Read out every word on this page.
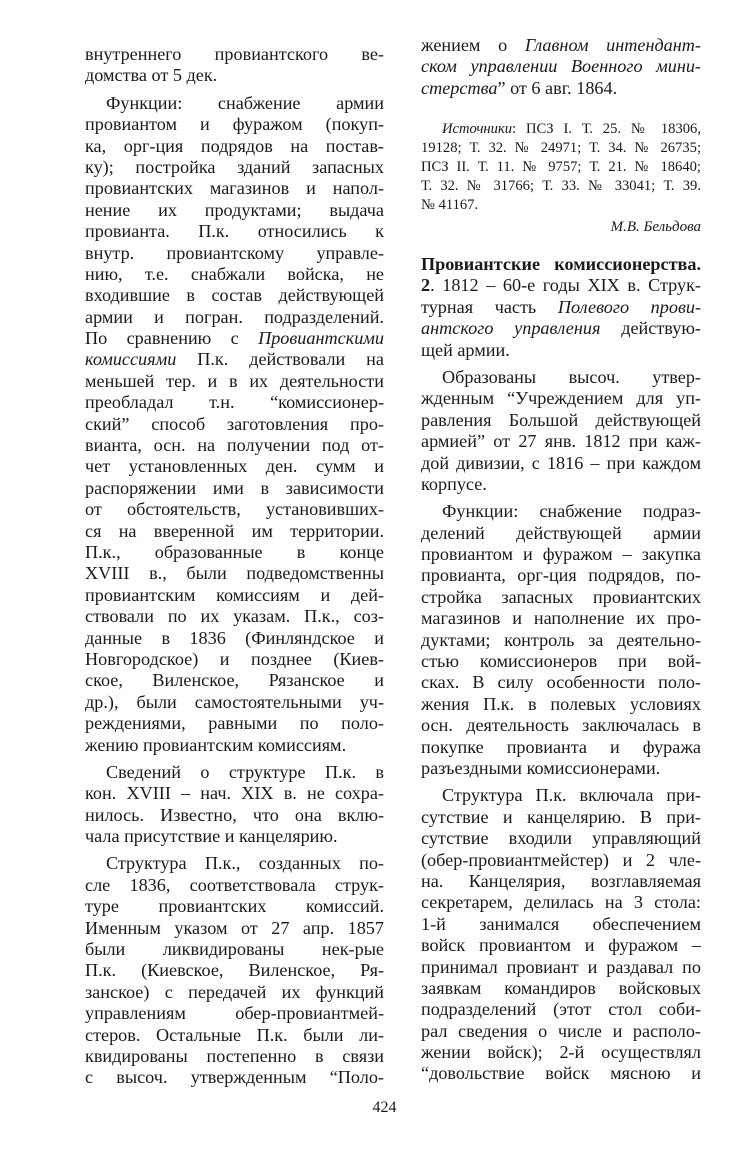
внутреннего провиантского ве-
домства от 5 дек.
Функции: снабжение армии
провиантом и фуражом (покуп-
ка, орг-ция подрядов на постав-
ку); постройка зданий запасных
провиантских магазинов и напол-
нение их продуктами; выдача
провианта. П.к. относились к
внутр. провиантскому управле-
нию, т.е. снабжали войска, не
входившие в состав действующей
армии и погран. подразделений.
По сравнению с Провиантскими
комиссиями П.к. действовали на
меньшей тер. и в их деятельности
преобладал т.н. “комиссионер-
ский” способ заготовления про-
вианта, осн. на получении под от-
чет установленных ден. сумм и
распоряжении ими в зависимости
от обстоятельств, установивших-
ся на вверенной им территории.
П.к., образованные в конце
XVIII в., были подведомственны
провиантским комиссиям и дей-
ствовали по их указам. П.к., соз-
данные в 1836 (Финляндское и
Новгородское) и позднее (Киев-
ское, Виленское, Рязанское и
др.), были самостоятельными уч-
реждениями, равными по поло-
жению провиантским комиссиям.
Сведений о структуре П.к. в
кон. XVIII – нач. XIX в. не сохра-
нилось. Известно, что она вклю-
чала присутствие и канцелярию.
Структура П.к., созданных по-
сле 1836, соответствовала струк-
туре провиантских комиссий.
Именным указом от 27 апр. 1857
были ликвидированы нек-рые
П.к. (Киевское, Виленское, Ря-
занское) с передачей их функций
управлениям обер-провиантмей-
стеров. Остальные П.к. были ли-
квидированы постепенно в связи
с высоч. утвержденным “Поло-
жением о Главном интендант-
ском управлении Военного мини-
стерства” от 6 авг. 1864.
Источники: ПСЗ I. Т. 25. № 18306,
19128; Т. 32. № 24971; Т. 34. № 26735;
ПСЗ II. Т. 11. № 9757; Т. 21. № 18640;
Т. 32. № 31766; Т. 33. № 33041; Т. 39.
№ 41167.
М.В. Бельдова
Провиантские комиссионерства.
2. 1812 – 60-е годы XIX в. Струк-
турная часть Полевого прови-
антского управления действую-
щей армии.
Образованы высоч. утвер-
жденным “Учреждением для уп-
равления Большой действующей
армией” от 27 янв. 1812 при каж-
дой дивизии, с 1816 – при каждом
корпусе.
Функции: снабжение подраз-
делений действующей армии
провиантом и фуражом – закупка
провианта, орг-ция подрядов, по-
стройка запасных провиантских
магазинов и наполнение их про-
дуктами; контроль за деятельно-
стью комиссионеров при вой-
сках. В силу особенности поло-
жения П.к. в полевых условиях
осн. деятельность заключалась в
покупке провианта и фуража
разъездными комиссионерами.
Структура П.к. включала при-
сутствие и канцелярию. В при-
сутствие входили управляющий
(обер-провиантмейстер) и 2 чле-
на. Канцелярия, возглавляемая
секретарем, делилась на 3 стола:
1-й занимался обеспечением
войск провиантом и фуражом –
принимал провиант и раздавал по
заявкам командиров войсковых
подразделений (этот стол соби-
рал сведения о числе и располо-
жении войск); 2-й осуществлял
“довольствие войск мясною и
424
